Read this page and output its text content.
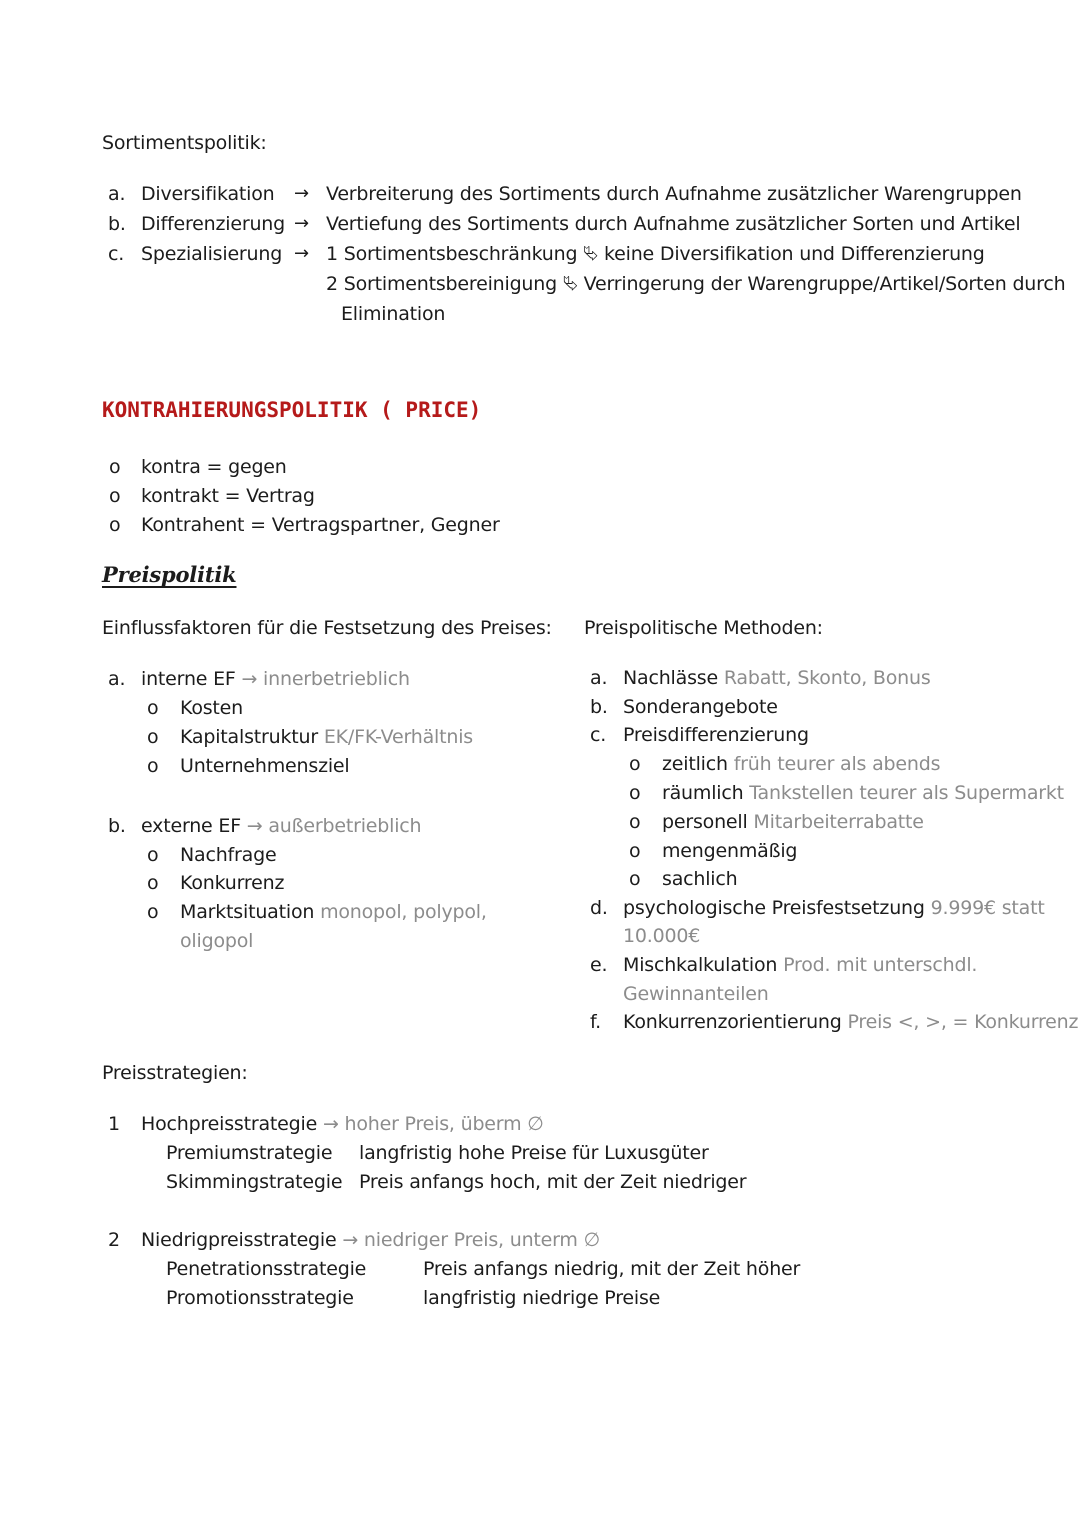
Sortimentspolitik:
a. Diversifikation → Verbreiterung des Sortiments durch Aufnahme zusätzlicher Warengruppen
b. Differenzierung → Vertiefung des Sortiments durch Aufnahme zusätzlicher Sorten und Artikel
c. Spezialisierung → 1 Sortimentsbeschränkung ⮱ keine Diversifikation und Differenzierung
2 Sortimentsbereinigung ⮱ Verringerung der Warengruppe/Artikel/Sorten durch
Elimination
KONTRAHIERUNGSPOLITIK ( PRICE)
o kontra = gegen
o kontrakt = Vertrag
o Kontrahent = Vertragspartner, Gegner
Preispolitik
Einflussfaktoren für die Festsetzung des Preises:
a. interne EF → innerbetrieblich
o Kosten
o Kapitalstruktur EK/FK-Verhältnis
o Unternehmensziel
b. externe EF → außerbetrieblich
o Nachfrage
o Konkurrenz
o Marktsituation monopol, polypol,
oligopol
Preispolitische Methoden:
a. Nachlässe Rabatt, Skonto, Bonus
b. Sonderangebote
c. Preisdifferenzierung
o zeitlich früh teurer als abends
o räumlich Tankstellen teurer als Supermarkt
o personell Mitarbeiterrabatte
o mengenmäßig
o sachlich
d. psychologische Preisfestsetzung 9.999€ statt
10.000€
e. Mischkalkulation Prod. mit unterschdl.
Gewinnanteilen
f. Konkurrenzorientierung Preis <, >, = Konkurrenz
Preisstrategien:
1 Hochpreisstrategie → hoher Preis, überm ∅
Premiumstrategie langfristig hohe Preise für Luxusgüter
Skimmingstrategie Preis anfangs hoch, mit der Zeit niedriger
2 Niedrigpreisstrategie → niedriger Preis, unterm ∅
Penetrationsstrategie	Preis anfangs niedrig, mit der Zeit höher
Promotionsstrategie	langfristig niedrige Preise
